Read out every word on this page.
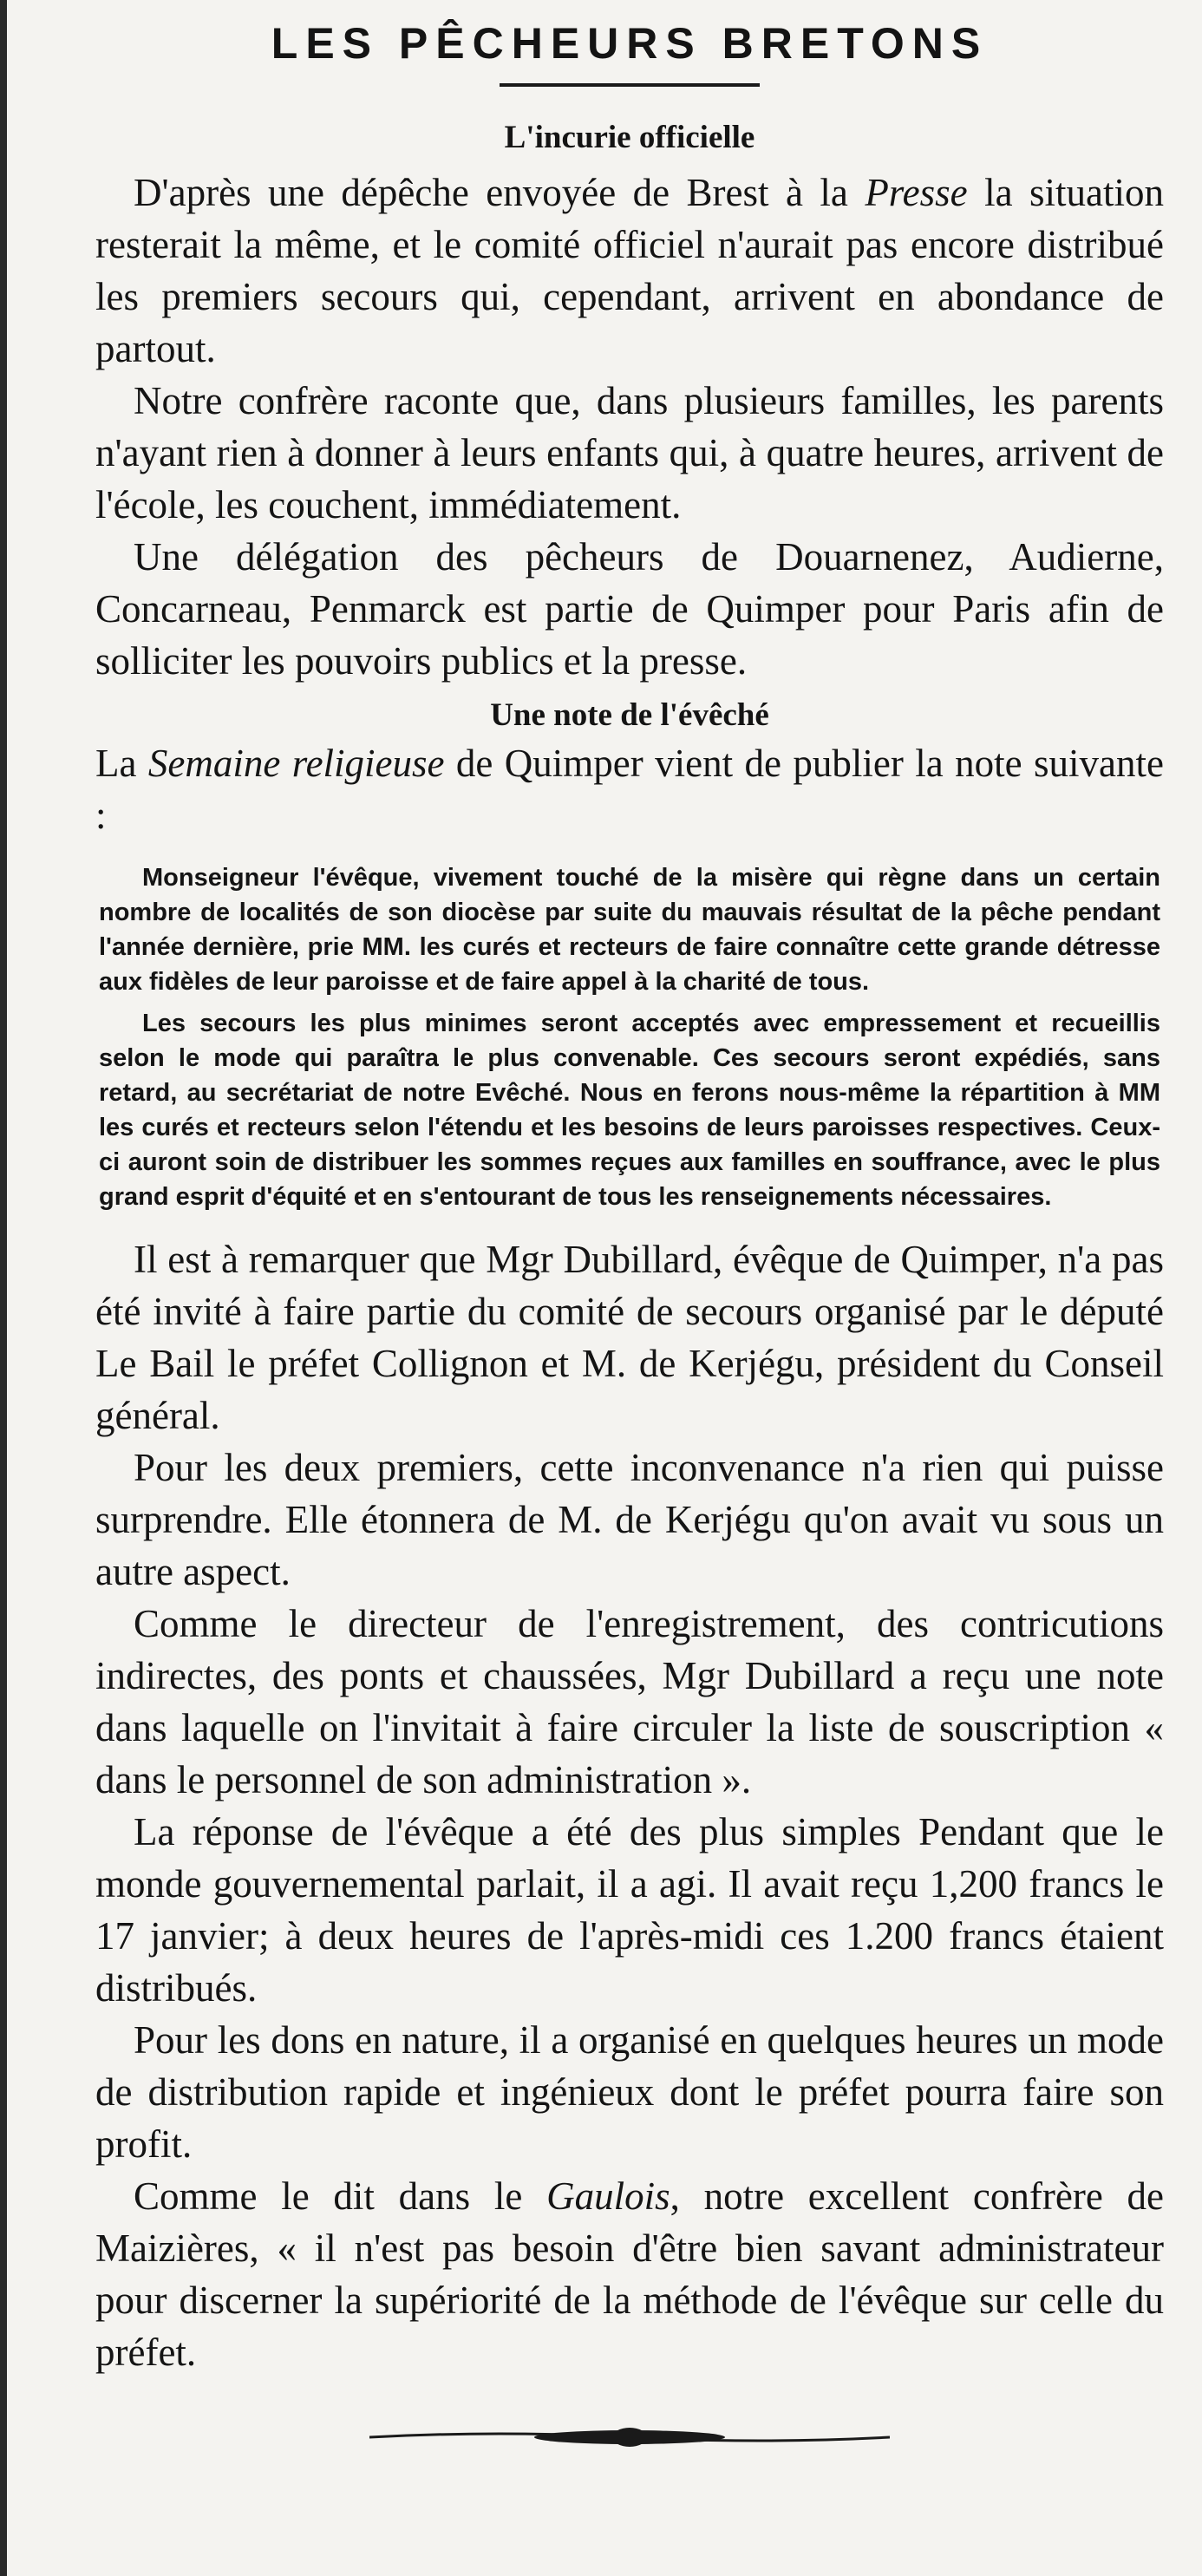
LES PÊCHEURS BRETONS
L'incurie officielle

D'après une dépêche envoyée de Brest à la Presse la situation resterait la même, et le comité officiel n'aurait pas encore distribué les premiers secours qui, cependant, arrivent en abondance de partout.

Notre confrère raconte que, dans plusieurs familles, les parents n'ayant rien à donner à leurs enfants qui, à quatre heures, arrivent de l'école, les couchent, immédiatement.

Une délégation des pêcheurs de Douarnenez, Audierne, Concarneau, Penmarck est partie de Quimper pour Paris afin de solliciter les pouvoirs publics et la presse.

Une note de l'évêché

La Semaine religieuse de Quimper vient de publier la note suivante :

Monseigneur l'évêque, vivement touché de la misère qui règne dans un certain nombre de localités de son diocèse par suite du mauvais résultat de la pêche pendant l'année dernière, prie MM. les curés et recteurs de faire connaître cette grande détresse aux fidèles de leur paroisse et de faire appel à la charité de tous.

Les secours les plus minimes seront acceptés avec empressement et recueillis selon le mode qui paraîtra le plus convenable. Ces secours seront expédiés, sans retard, au secrétariat de notre Evêché. Nous en ferons nous-même la répartition à MM les curés et recteurs selon l'étendu et les besoins de leurs paroisses respectives. Ceux-ci auront soin de distribuer les sommes reçues aux familles en souffrance, avec le plus grand esprit d'équité et en s'entourant de tous les renseignements nécessaires.

Il est à remarquer que Mgr Dubillard, évêque de Quimper, n'a pas été invité à faire partie du comité de secours organisé par le député Le Bail le préfet Collignon et M. de Kerjégu, président du Conseil général.

Pour les deux premiers, cette inconvenance n'a rien qui puisse surprendre. Elle étonnera de M. de Kerjégu qu'on avait vu sous un autre aspect.

Comme le directeur de l'enregistrement, des contricutions indirectes, des ponts et chaussées, Mgr Dubillard a reçu une note dans laquelle on l'invitait à faire circuler la liste de souscription « dans le personnel de son administration ».

La réponse de l'évêque a été des plus simples Pendant que le monde gouvernemental parlait, il a agi. Il avait reçu 1,200 francs le 17 janvier; à deux heures de l'après-midi ces 1.200 francs étaient distribués.

Pour les dons en nature, il a organisé en quelques heures un mode de distribution rapide et ingénieux dont le préfet pourra faire son profit.

Comme le dit dans le Gaulois, notre excellent confrère de Maizières, « il n'est pas besoin d'être bien savant administrateur pour discerner la supériorité de la méthode de l'évêque sur celle du préfet.
